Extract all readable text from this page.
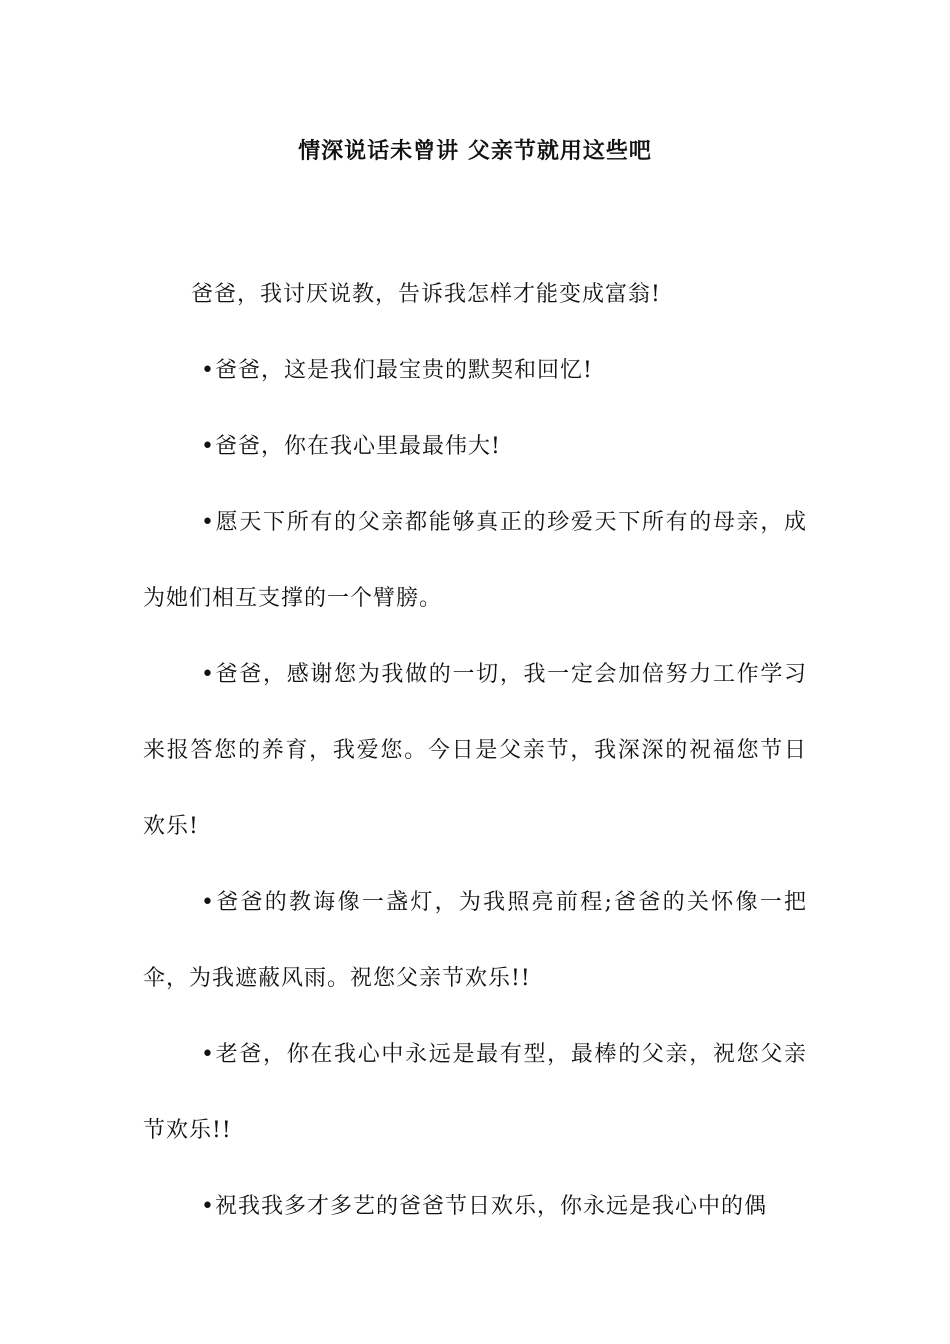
情深说话未曾讲 父亲节就用这些吧

爸爸，我讨厌说教，告诉我怎样才能变成富翁!

•爸爸，这是我们最宝贵的默契和回忆!

•爸爸，你在我心里最最伟大!

•愿天下所有的父亲都能够真正的珍爱天下所有的母亲，成为她们相互支撑的一个臂膀。

•爸爸，感谢您为我做的一切，我一定会加倍努力工作学习来报答您的养育，我爱您。今日是父亲节，我深深的祝福您节日欢乐!

•爸爸的教诲像一盏灯，为我照亮前程;爸爸的关怀像一把伞，为我遮蔽风雨。祝您父亲节欢乐!!

•老爸，你在我心中永远是最有型，最棒的父亲，祝您父亲节欢乐!!

•祝我我多才多艺的爸爸节日欢乐，你永远是我心中的偶
